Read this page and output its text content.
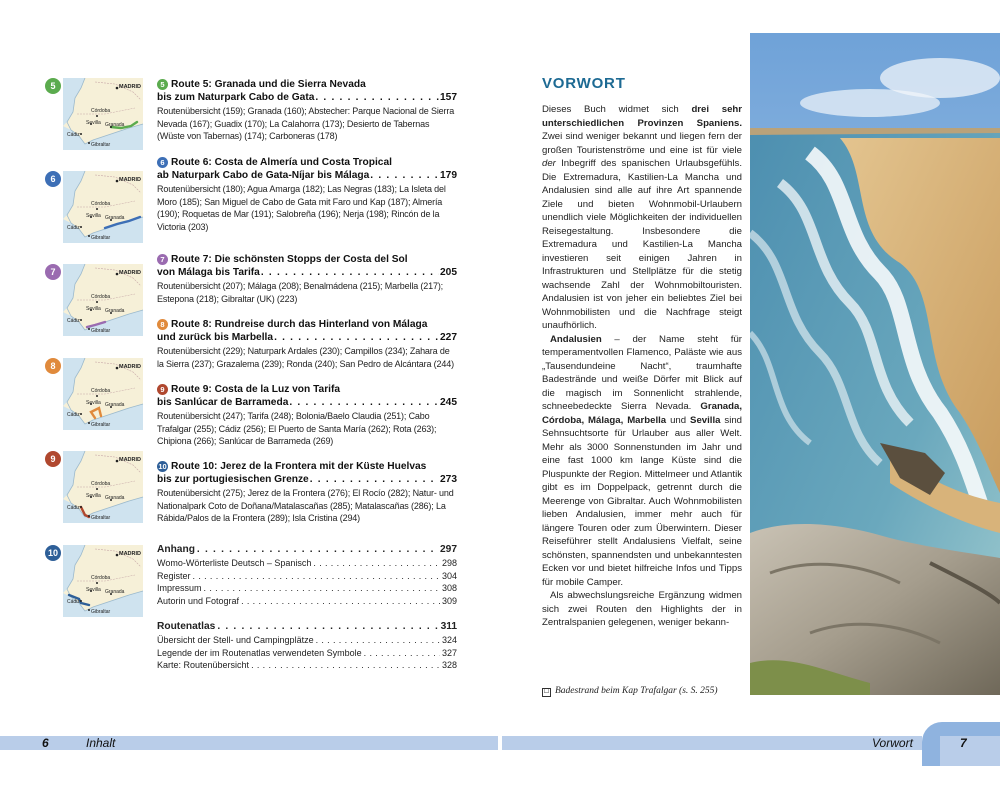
5	MADRID
Córdoba
Sevilla Granada
Cádiz
Gibraltar
6	MADRID
Córdoba
Sevilla Granada
Cádiz
Gibraltar
7	MADRID
Córdoba
Sevilla Granada
Cádiz
Gibraltar
8	MADRID
Córdoba
Sevilla Granada
Cádiz
Gibraltar
9	MADRID
Córdoba
Sevilla Granada
Cádiz
Gibraltar
10	MADRID
Córdoba
Sevilla Granada
Cádiz
Gibraltar
Anhang . . .	297
Womo-Wörterliste Deutsch – Spanisch . . .	298
Register . . .	304
Impressum . . .	308
Autorin und Fotograf . . .	309
Routenatlas . . .	311
Übersicht der Stell- und Campingplätze . . .	324
Legende der im Routenatlas verwendeten Symbole . . .	327
Karte: Routenübersicht . . .	328
5 Route 5: Granada und die Sierra Nevada
bis zum Naturpark Cabo de Gata . . .	157
Routenübersicht (159); Granada (160); Abstecher: Parque Nacional de Sierra Nevada (167); Guadix (170); La Calahorra (173); Desierto de Tabernas (Wüste von Tabernas) (174); Carboneras (178)
6 Route 6: Costa de Almería und Costa Tropical
ab Naturpark Cabo de Gata-Níjar bis Málaga . . .	179
Routenübersicht (180); Agua Amarga (182); Las Negras (183); La Isleta del Moro (185); San Miguel de Cabo de Gata mit Faro und Kap (187); Almería (190); Roquetas de Mar (191); Salobreña (196); Nerja (198); Rincón de la Victoria (203)
7 Route 7: Die schönsten Stopps der Costa del Sol
von Málaga bis Tarifa . . .	205
Routenübersicht (207); Málaga (208); Benalmádena (215); Marbella (217); Estepona (218); Gibraltar (UK) (223)
8 Route 8: Rundreise durch das Hinterland von Málaga
und zurück bis Marbella . . .	227
Routenübersicht (229); Naturpark Ardales (230); Campillos (234); Zahara de la Sierra (237); Grazalema (239); Ronda (240); San Pedro de Alcántara (244)
9 Route 9: Costa de la Luz von Tarifa
bis Sanlúcar de Barrameda . . .	245
Routenübersicht (247); Tarifa (248); Bolonia/Baelo Claudia (251); Cabo Trafalgar (255); Cádiz (256); El Puerto de Santa María (262); Rota (263); Chipiona (266); Sanlúcar de Barrameda (269)
10 Route 10: Jerez de la Frontera mit der Küste Huelvas
bis zur portugiesischen Grenze . . .	273
Routenübersicht (275); Jerez de la Frontera (276); El Rocío (282); Natur- und Nationalpark Coto de Doñana/Matalascañas (285); Matalascañas (286); La Rábida/Palos de la Frontera (289); Isla Cristina (294)
VORWORT

Dieses Buch widmet sich drei sehr unterschiedlichen Provinzen Spaniens. Zwei sind weniger bekannt und liegen fern der großen Touristenströme und eine ist für viele der Inbegriff des spanischen Urlaubsgefühls. Die Extremadura, Kastilien-La Mancha und Andalusien sind alle auf ihre Art spannende Ziele und bieten Wohnmobil-Urlaubern unendlich viele Möglichkeiten der individuellen Reisegestaltung. Insbesondere die Extremadura und Kastilien-La Mancha investieren seit einigen Jahren in Infrastrukturen und Stellplätze für die stetig wachsende Zahl der Wohnmobiltouristen. Andalusien ist von jeher ein beliebtes Ziel bei Wohnmobilisten und die Nachfrage steigt unaufhörlich.

Andalusien – der Name steht für temperamentvollen Flamenco, Paläste wie aus „Tausendundeine Nacht“, traumhafte Badestrände und weiße Dörfer mit Blick auf die magisch im Sonnenlicht strahlende, schneebedeckte Sierra Nevada. Granada, Córdoba, Málaga, Marbella und Sevilla sind Sehnsuchtsorte für Urlauber aus aller Welt. Mehr als 3000 Sonnenstunden im Jahr und eine fast 1000 km lange Küste sind die Pluspunkte der Region. Mittelmeer und Atlantik gibt es im Doppelpack, getrennt durch die Meerenge von Gibraltar. Auch Wohnmobilisten lieben Andalusien, immer mehr auch für längere Touren oder zum Überwintern. Dieser Reiseführer stellt Andalusiens Vielfalt, seine schönsten, spannendsten und unbekanntesten Ecken vor und bietet hilfreiche Infos und Tipps für mobile Camper.

Als abwechslungsreiche Ergänzung widmen sich zwei Routen den Highlights der in Zentralspanien gelegenen, weniger bekann-

☐ Badestrand beim Kap Trafalgar (s. S. 255)
6	Inhalt	Vorwort	7
